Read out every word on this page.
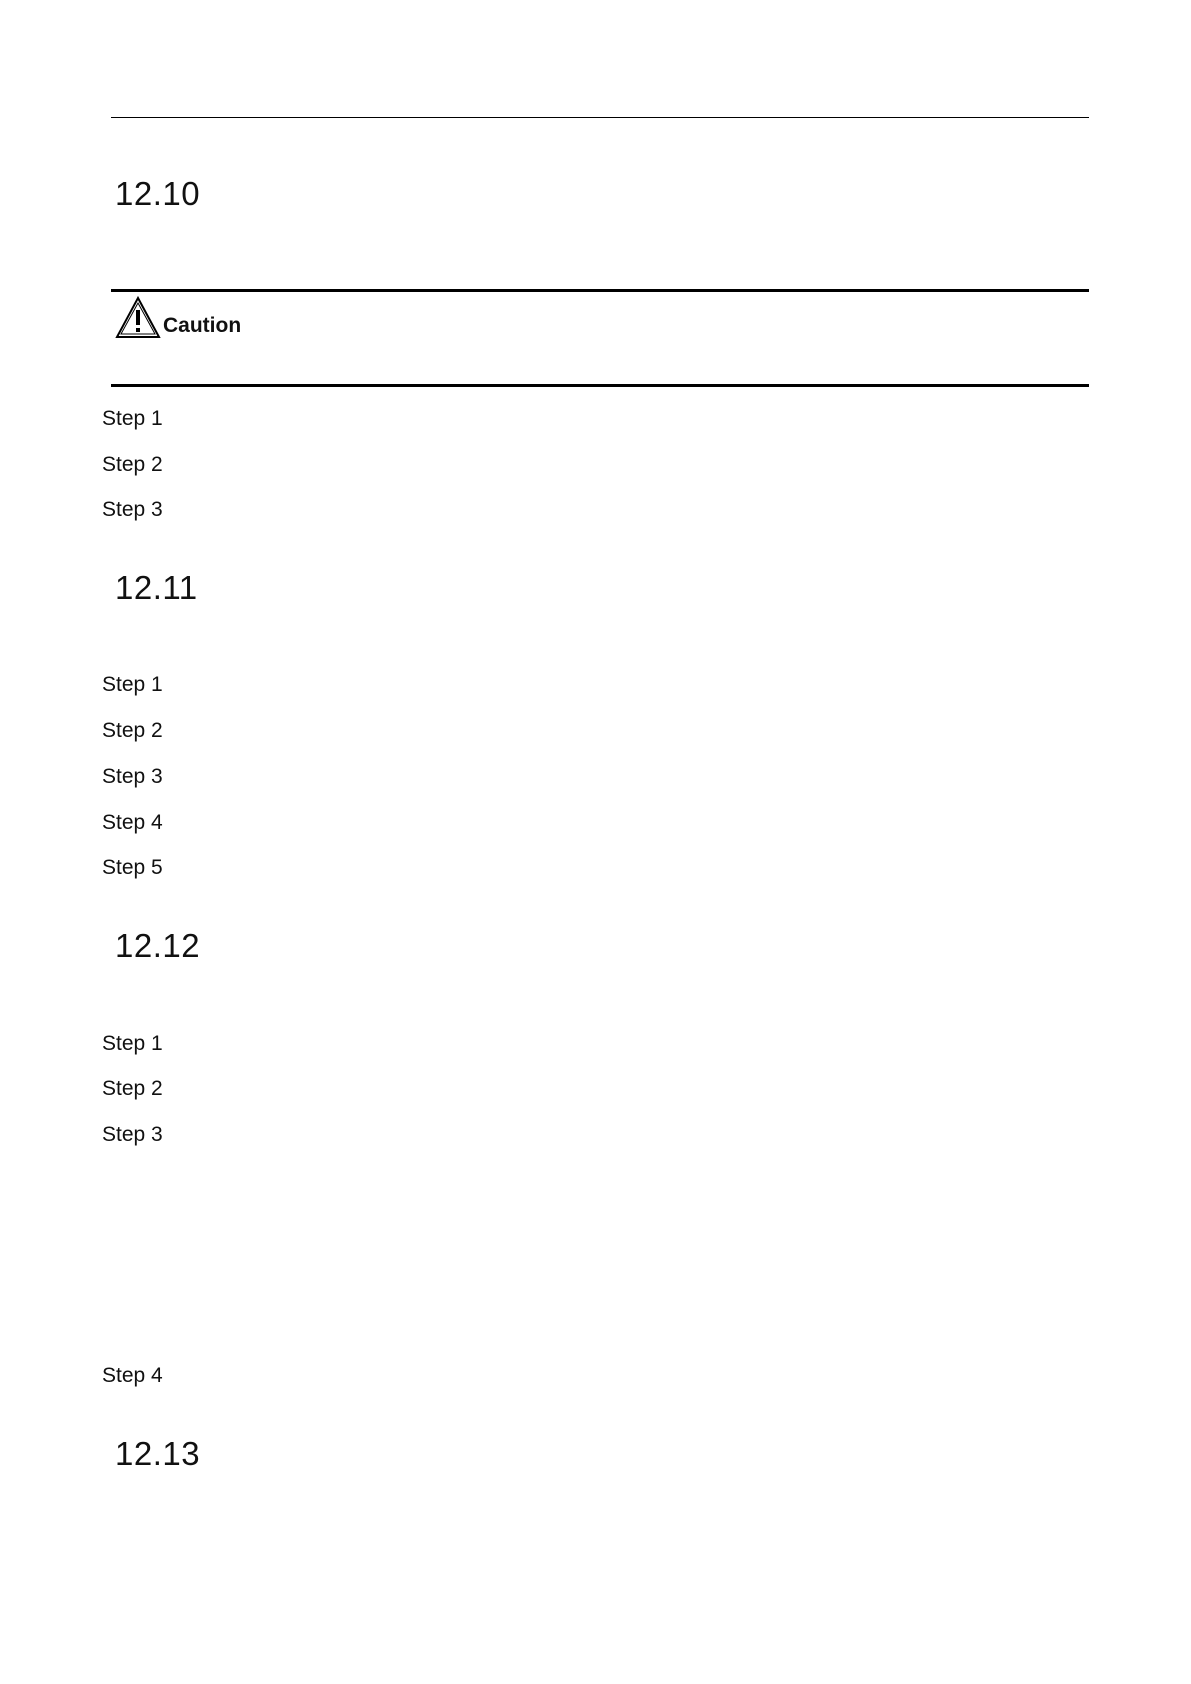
12.10
Caution
Step 1
Step 2
Step 3
12.11
Step 1
Step 2
Step 3
Step 4
Step 5
12.12
Step 1
Step 2
Step 3
Step 4
12.13
